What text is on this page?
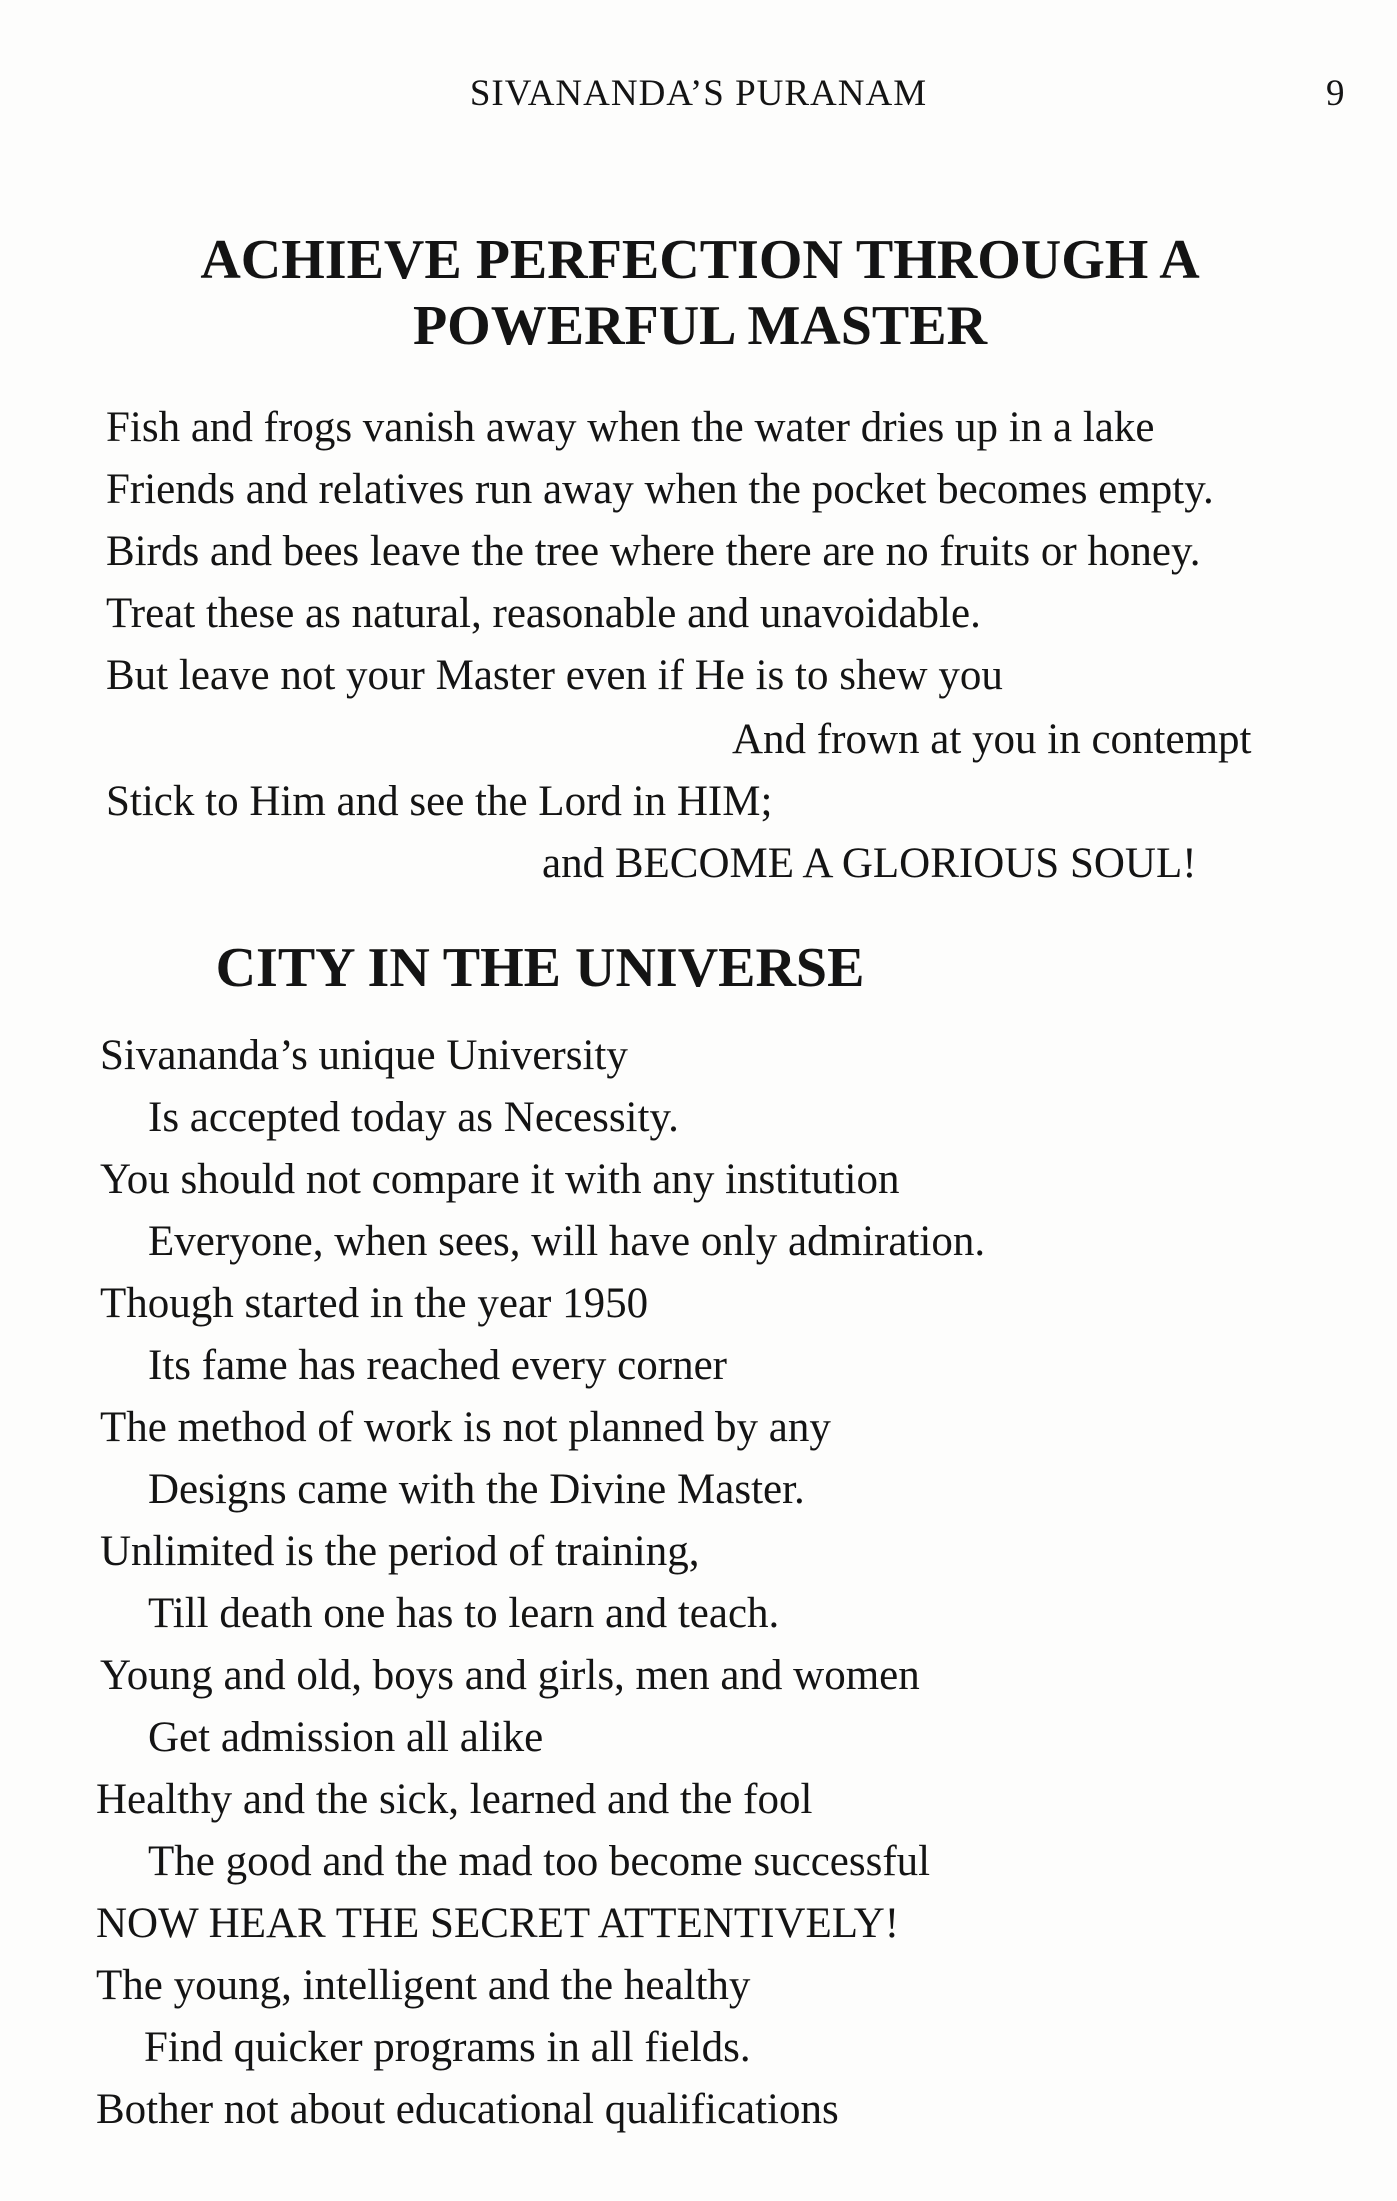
SIVANANDA’S PURANAM	9
ACHIEVE PERFECTION THROUGH A
POWERFUL MASTER
Fish and frogs vanish away when the water dries up in a lake
Friends and relatives run away when the pocket becomes empty.
Birds and bees leave the tree where there are no fruits or honey.
Treat these as natural, reasonable and unavoidable.
But leave not your Master even if He is to shew you
And frown at you in contempt
Stick to Him and see the Lord in HIM;
and BECOME A GLORIOUS SOUL!
CITY IN THE UNIVERSE
Sivananda’s unique University
Is accepted today as Necessity.
You should not compare it with any institution
Everyone, when sees, will have only admiration.
Though started in the year 1950
Its fame has reached every corner
The method of work is not planned by any
Designs came with the Divine Master.
Unlimited is the period of training,
Till death one has to learn and teach.
Young and old, boys and girls, men and women
Get admission all alike
Healthy and the sick, learned and the fool
The good and the mad too become successful
NOW HEAR THE SECRET ATTENTIVELY!
The young, intelligent and the healthy
Find quicker programs in all fields.
Bother not about educational qualifications
